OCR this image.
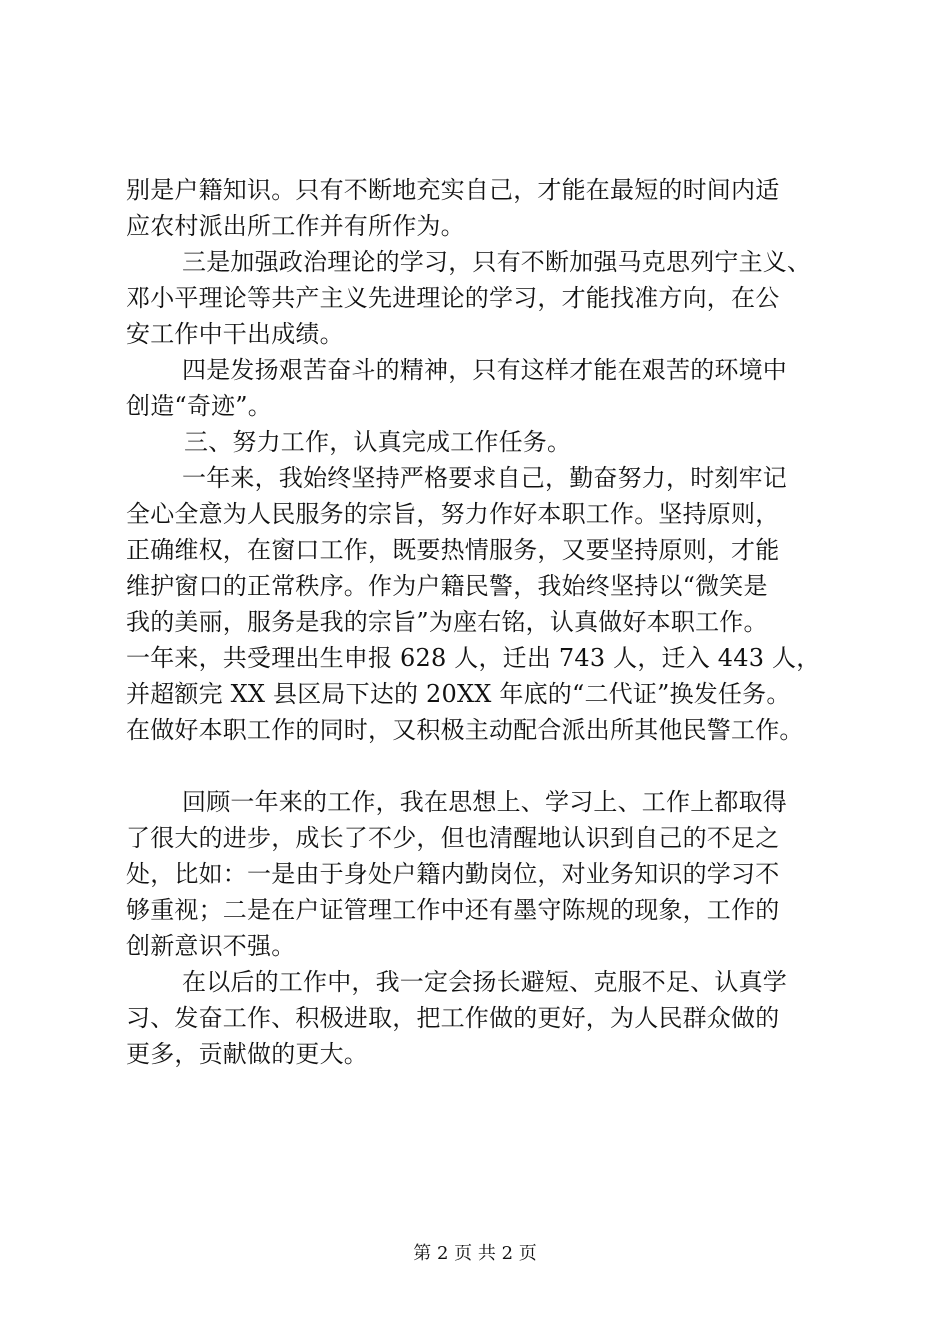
别是户籍知识。只有不断地充实自己，才能在最短的时间内适
应农村派出所工作并有所作为。
三是加强政治理论的学习，只有不断加强马克思列宁主义、
邓小平理论等共产主义先进理论的学习，才能找准方向，在公
安工作中干出成绩。
四是发扬艰苦奋斗的精神，只有这样才能在艰苦的环境中
创造“奇迹”。
三、努力工作，认真完成工作任务。
一年来，我始终坚持严格要求自己，勤奋努力，时刻牢记
全心全意为人民服务的宗旨，努力作好本职工作。坚持原则，
正确维权，在窗口工作，既要热情服务，又要坚持原则，才能
维护窗口的正常秩序。作为户籍民警，我始终坚持以“微笑是
我的美丽，服务是我的宗旨”为座右铭，认真做好本职工作。
一年来，共受理出生申报 628 人，迁出 743 人，迁入 443 人，
并超额完 XX 县区局下达的 20XX 年底的“二代证”换发任务。
在做好本职工作的同时，又积极主动配合派出所其他民警工作。
回顾一年来的工作，我在思想上、学习上、工作上都取得
了很大的进步，成长了不少，但也清醒地认识到自己的不足之
处，比如：一是由于身处户籍内勤岗位，对业务知识的学习不
够重视；二是在户证管理工作中还有墨守陈规的现象，工作的
创新意识不强。
在以后的工作中，我一定会扬长避短、克服不足、认真学
习、发奋工作、积极进取，把工作做的更好，为人民群众做的
更多，贡献做的更大。
第 2 页 共 2 页
